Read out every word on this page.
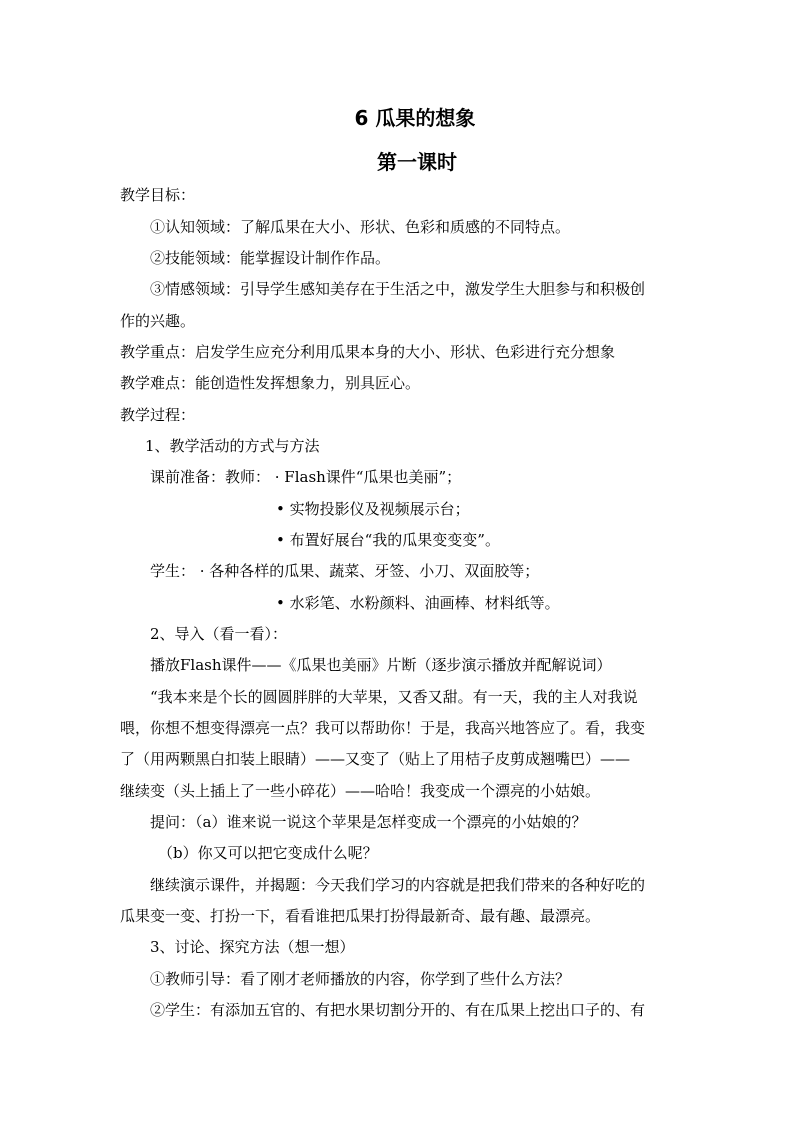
6 瓜果的想象
第一课时
教学目标：
①认知领域：了解瓜果在大小、形状、色彩和质感的不同特点。
②技能领域：能掌握设计制作作品。
③情感领域：引导学生感知美存在于生活之中，激发学生大胆参与和积极创
作的兴趣。
教学重点：启发学生应充分利用瓜果本身的大小、形状、色彩进行充分想象
教学难点：能创造性发挥想象力，别具匠心。
教学过程：
1、教学活动的方式与方法
课前准备：教师： · Flash课件“瓜果也美丽”；
• 实物投影仪及视频展示台；
• 布置好展台“我的瓜果变变变”。
学生： · 各种各样的瓜果、蔬菜、牙签、小刀、双面胶等；
• 水彩笔、水粉颜料、油画棒、材料纸等。
2、导入（看一看）：
播放Flash课件——《瓜果也美丽》片断（逐步演示播放并配解说词）
“我本来是个长的圆圆胖胖的大苹果，又香又甜。有一天，我的主人对我说
喂，你想不想变得漂亮一点？我可以帮助你！于是，我高兴地答应了。看，我变
了（用两颗黑白扣装上眼睛）——又变了（贴上了用桔子皮剪成翘嘴巴）——
继续变（头上插上了一些小碎花）——哈哈！我变成一个漂亮的小姑娘。
提问：（a）谁来说一说这个苹果是怎样变成一个漂亮的小姑娘的？
（b）你又可以把它变成什么呢？
继续演示课件，并揭题：今天我们学习的内容就是把我们带来的各种好吃的
瓜果变一变、打扮一下，看看谁把瓜果打扮得最新奇、最有趣、最漂亮。
3、讨论、探究方法（想一想）
①教师引导：看了刚才老师播放的内容，你学到了些什么方法？
②学生：有添加五官的、有把水果切割分开的、有在瓜果上挖出口子的、有
